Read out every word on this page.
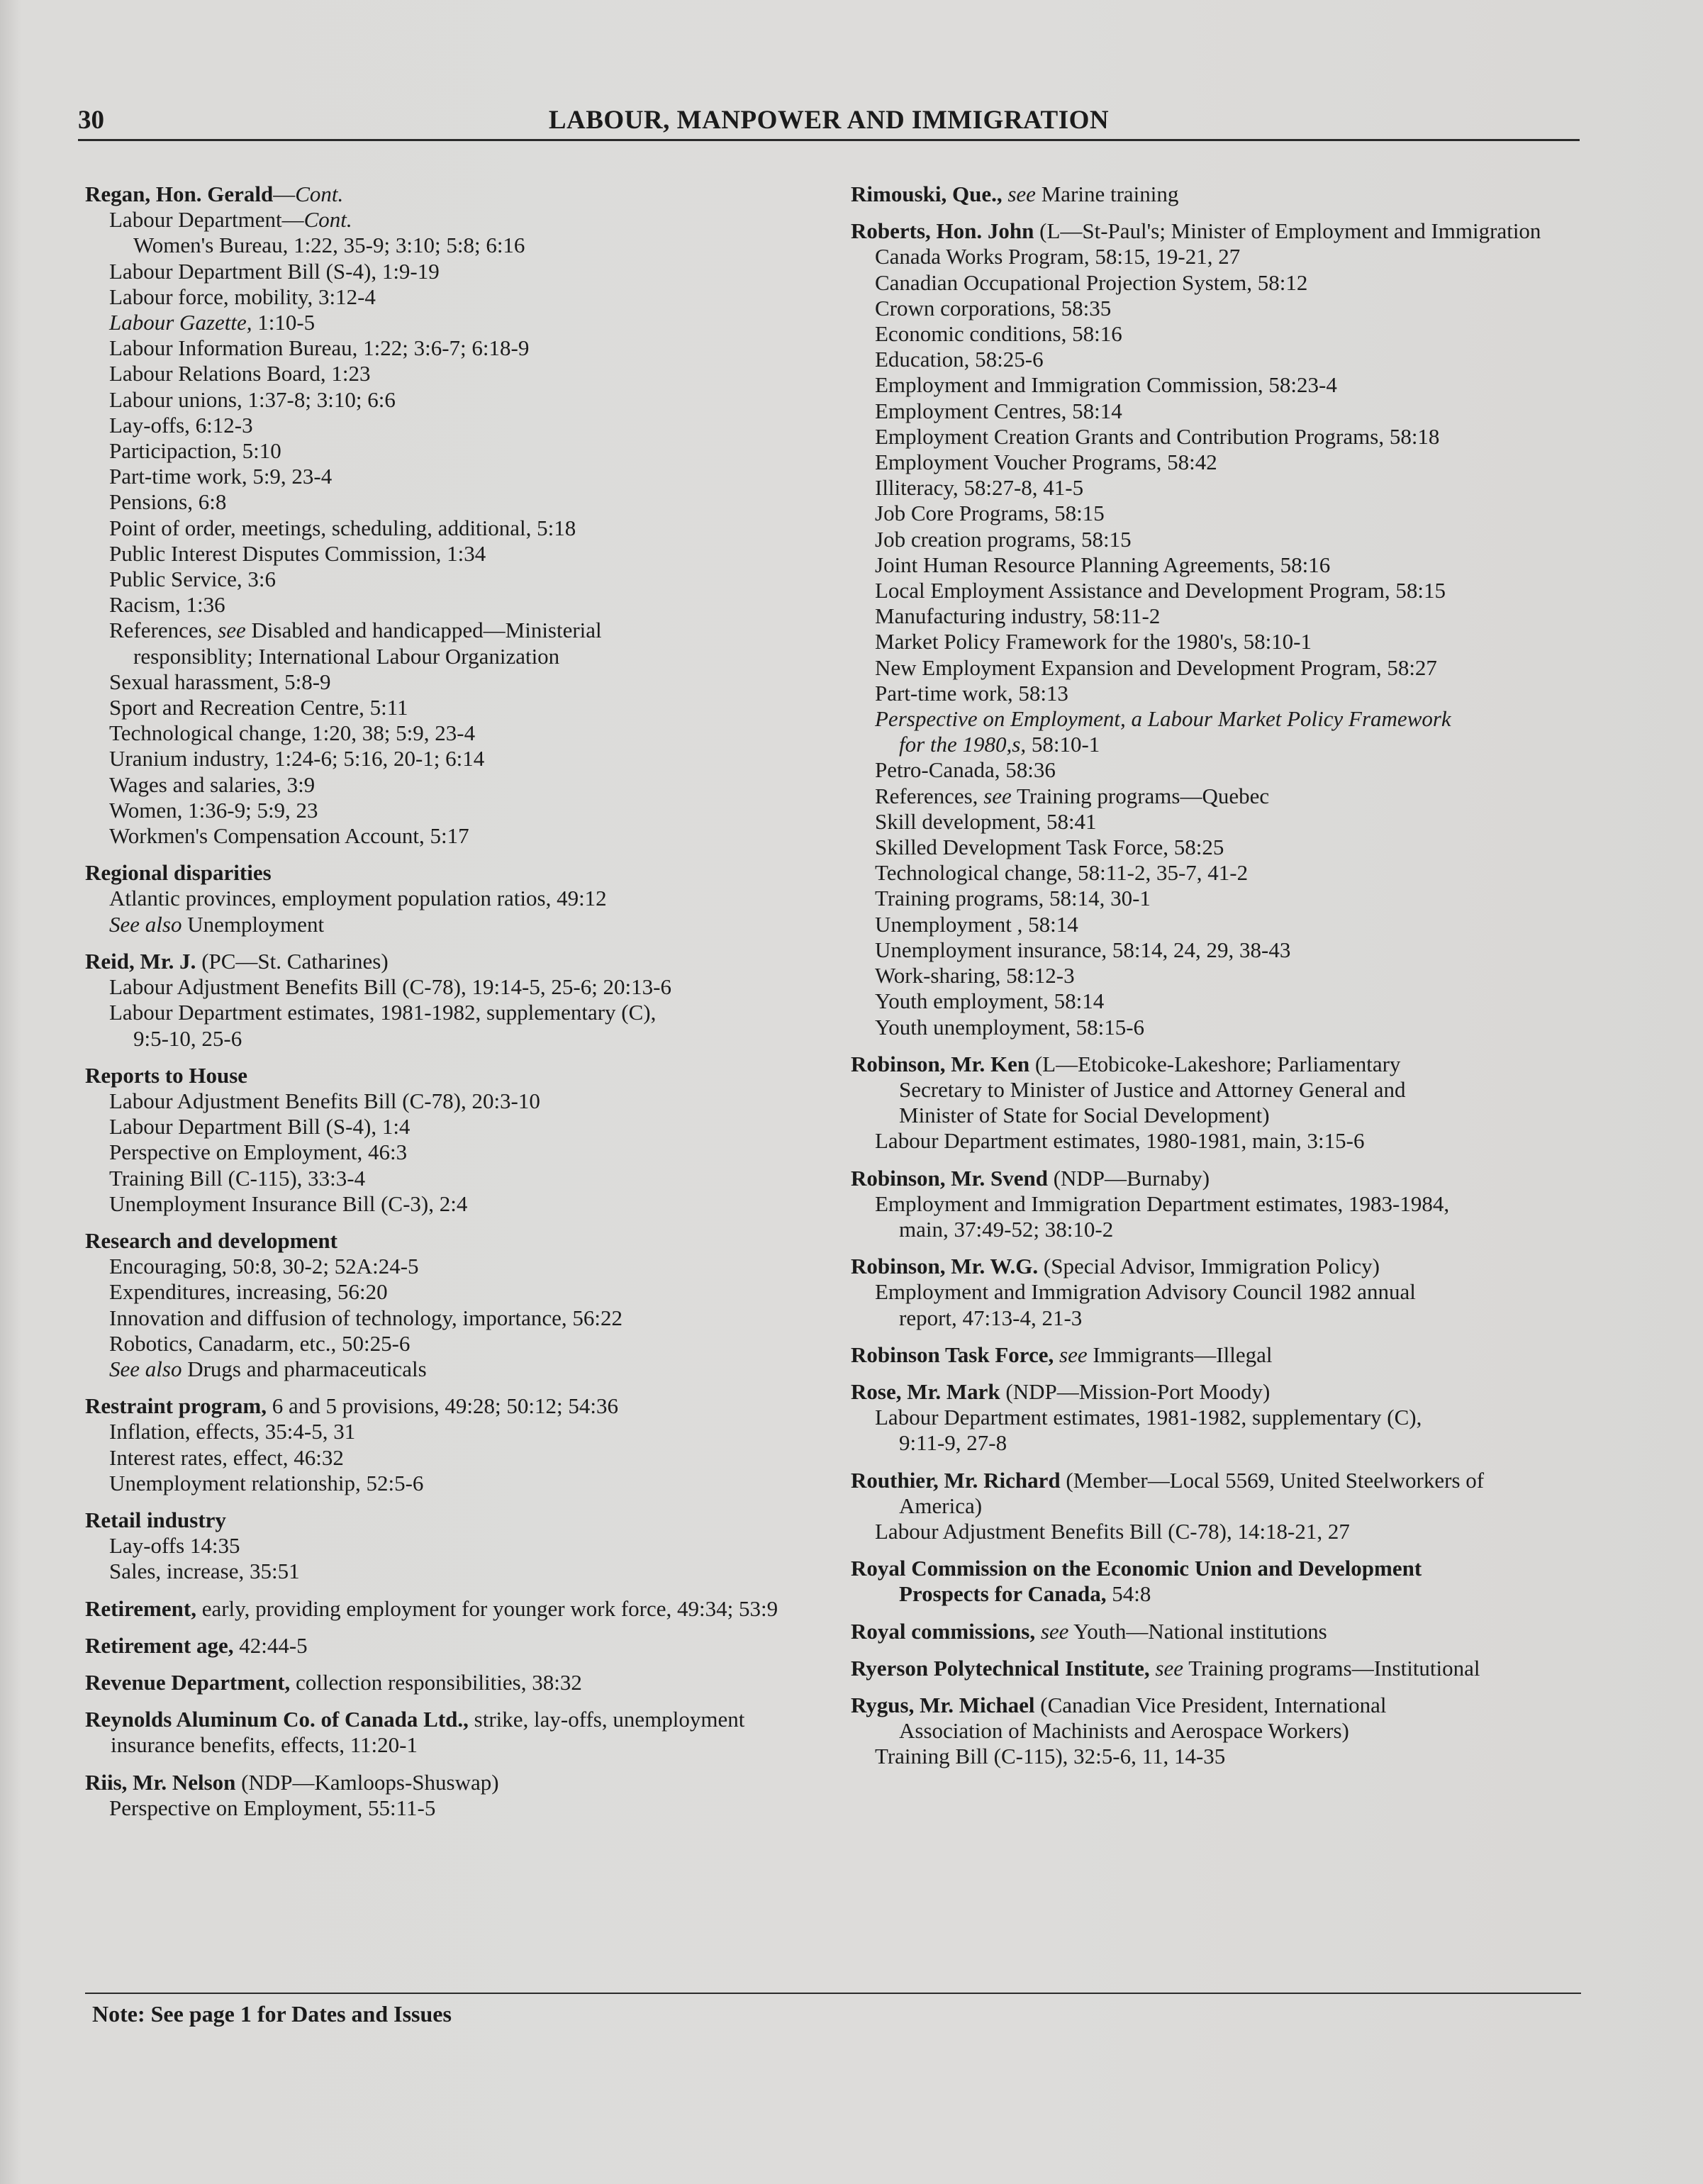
30	LABOUR, MANPOWER AND IMMIGRATION
Regan, Hon. Gerald—Cont.
Labour Department—Cont.
Women's Bureau, 1:22, 35-9; 3:10; 5:8; 6:16
Labour Department Bill (S-4), 1:9-19
Labour force, mobility, 3:12-4
Labour Gazette, 1:10-5
Labour Information Bureau, 1:22; 3:6-7; 6:18-9
Labour Relations Board, 1:23
Labour unions, 1:37-8; 3:10; 6:6
Lay-offs, 6:12-3
Participaction, 5:10
Part-time work, 5:9, 23-4
Pensions, 6:8
Point of order, meetings, scheduling, additional, 5:18
Public Interest Disputes Commission, 1:34
Public Service, 3:6
Racism, 1:36
References, see Disabled and handicapped—Ministerial
responsiblity; International Labour Organization
Sexual harassment, 5:8-9
Sport and Recreation Centre, 5:11
Technological change, 1:20, 38; 5:9, 23-4
Uranium industry, 1:24-6; 5:16, 20-1; 6:14
Wages and salaries, 3:9
Women, 1:36-9; 5:9, 23
Workmen's Compensation Account, 5:17
Regional disparities
Atlantic provinces, employment population ratios, 49:12
See also Unemployment
Reid, Mr. J. (PC—St. Catharines)
Labour Adjustment Benefits Bill (C-78), 19:14-5, 25-6; 20:13-6
Labour Department estimates, 1981-1982, supplementary (C),
9:5-10, 25-6
Reports to House
Labour Adjustment Benefits Bill (C-78), 20:3-10
Labour Department Bill (S-4), 1:4
Perspective on Employment, 46:3
Training Bill (C-115), 33:3-4
Unemployment Insurance Bill (C-3), 2:4
Research and development
Encouraging, 50:8, 30-2; 52A:24-5
Expenditures, increasing, 56:20
Innovation and diffusion of technology, importance, 56:22
Robotics, Canadarm, etc., 50:25-6
See also Drugs and pharmaceuticals
Restraint program, 6 and 5 provisions, 49:28; 50:12; 54:36
Inflation, effects, 35:4-5, 31
Interest rates, effect, 46:32
Unemployment relationship, 52:5-6
Retail industry
Lay-offs 14:35
Sales, increase, 35:51
Retirement, early, providing employment for younger work force, 49:34; 53:9
Retirement age, 42:44-5
Revenue Department, collection responsibilities, 38:32
Reynolds Aluminum Co. of Canada Ltd., strike, lay-offs, unemployment insurance benefits, effects, 11:20-1
Riis, Mr. Nelson (NDP—Kamloops-Shuswap)
Perspective on Employment, 55:11-5
Rimouski, Que., see Marine training
Roberts, Hon. John (L—St-Paul's; Minister of Employment and Immigration
Canada Works Program, 58:15, 19-21, 27
Canadian Occupational Projection System, 58:12
Crown corporations, 58:35
Economic conditions, 58:16
Education, 58:25-6
Employment and Immigration Commission, 58:23-4
Employment Centres, 58:14
Employment Creation Grants and Contribution Programs, 58:18
Employment Voucher Programs, 58:42
Illiteracy, 58:27-8, 41-5
Job Core Programs, 58:15
Job creation programs, 58:15
Joint Human Resource Planning Agreements, 58:16
Local Employment Assistance and Development Program, 58:15
Manufacturing industry, 58:11-2
Market Policy Framework for the 1980's, 58:10-1
New Employment Expansion and Development Program, 58:27
Part-time work, 58:13
Perspective on Employment, a Labour Market Policy Framework
for the 1980,s, 58:10-1
Petro-Canada, 58:36
References, see Training programs—Quebec
Skill development, 58:41
Skilled Development Task Force, 58:25
Technological change, 58:11-2, 35-7, 41-2
Training programs, 58:14, 30-1
Unemployment , 58:14
Unemployment insurance, 58:14, 24, 29, 38-43
Work-sharing, 58:12-3
Youth employment, 58:14
Youth unemployment, 58:15-6
Robinson, Mr. Ken (L—Etobicoke-Lakeshore; Parliamentary
Secretary to Minister of Justice and Attorney General and
Minister of State for Social Development)
Labour Department estimates, 1980-1981, main, 3:15-6
Robinson, Mr. Svend (NDP—Burnaby)
Employment and Immigration Department estimates, 1983-1984,
main, 37:49-52; 38:10-2
Robinson, Mr. W.G. (Special Advisor, Immigration Policy)
Employment and Immigration Advisory Council 1982 annual
report, 47:13-4, 21-3
Robinson Task Force, see Immigrants—Illegal
Rose, Mr. Mark (NDP—Mission-Port Moody)
Labour Department estimates, 1981-1982, supplementary (C),
9:11-9, 27-8
Routhier, Mr. Richard (Member—Local 5569, United Steelworkers of
America)
Labour Adjustment Benefits Bill (C-78), 14:18-21, 27
Royal Commission on the Economic Union and Development
Prospects for Canada, 54:8
Royal commissions, see Youth—National institutions
Ryerson Polytechnical Institute, see Training programs—Institutional
Rygus, Mr. Michael (Canadian Vice President, International
Association of Machinists and Aerospace Workers)
Training Bill (C-115), 32:5-6, 11, 14-35
Note: See page 1 for Dates and Issues
